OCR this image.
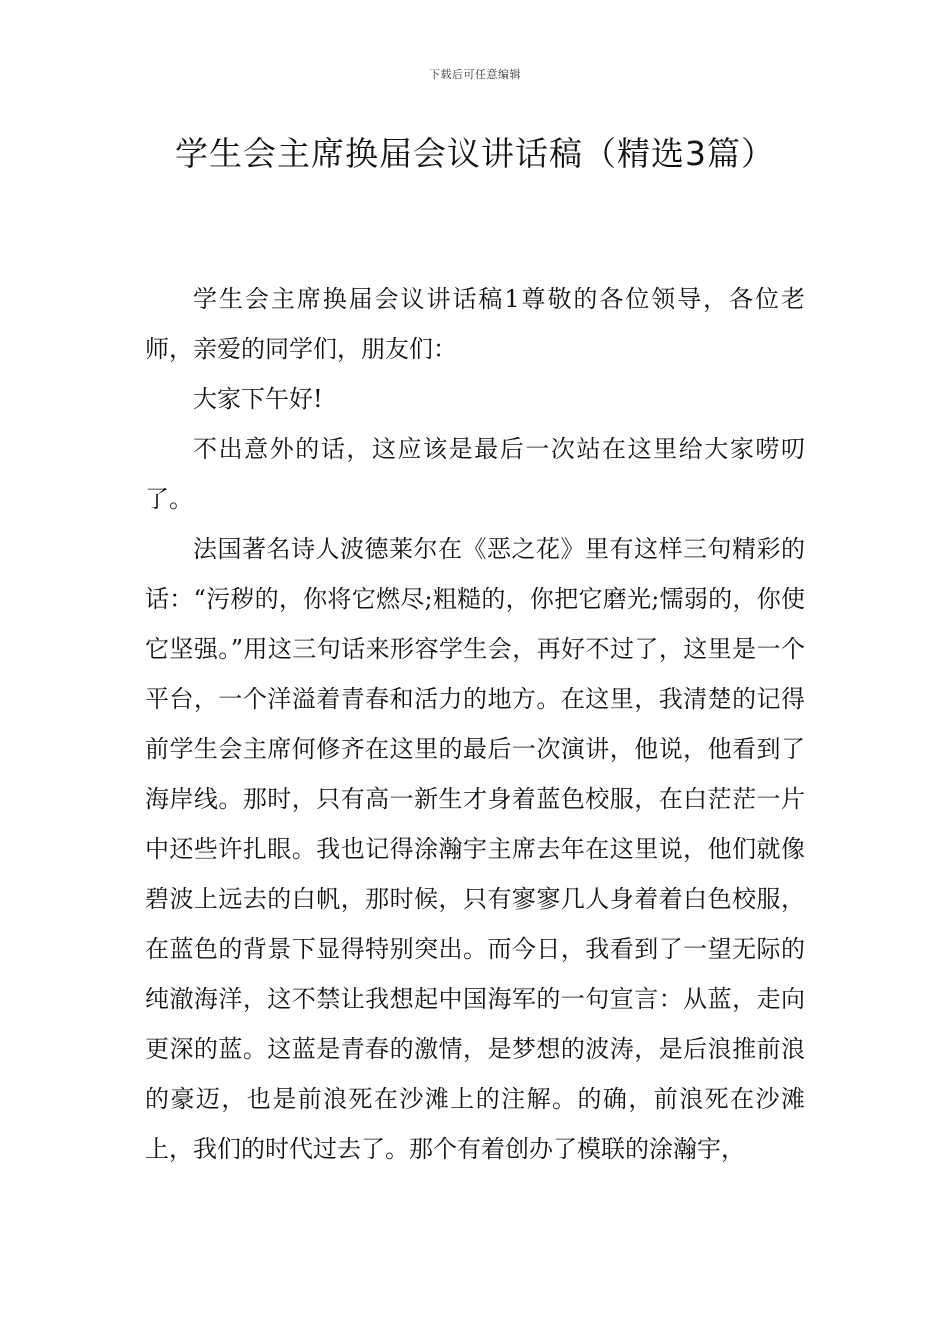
下载后可任意编辑
学生会主席换届会议讲话稿（精选3篇）

学生会主席换届会议讲话稿1尊敬的各位领导，各位老师，亲爱的同学们，朋友们：

大家下午好!

不出意外的话，这应该是最后一次站在这里给大家唠叨了。

法国著名诗人波德莱尔在《恶之花》里有这样三句精彩的话：“污秽的，你将它燃尽;粗糙的，你把它磨光;懦弱的，你使它坚强。”用这三句话来形容学生会，再好不过了，这里是一个平台，一个洋溢着青春和活力的地方。在这里，我清楚的记得前学生会主席何修齐在这里的最后一次演讲，他说，他看到了海岸线。那时，只有高一新生才身着蓝色校服，在白茫茫一片中还些许扎眼。我也记得涂瀚宇主席去年在这里说，他们就像碧波上远去的白帆，那时候，只有寥寥几人身着着白色校服，在蓝色的背景下显得特别突出。而今日，我看到了一望无际的纯澈海洋，这不禁让我想起中国海军的一句宣言：从蓝，走向更深的蓝。这蓝是青春的激情，是梦想的波涛，是后浪推前浪的豪迈，也是前浪死在沙滩上的注解。的确，前浪死在沙滩上，我们的时代过去了。那个有着创办了模联的涂瀚宇，
